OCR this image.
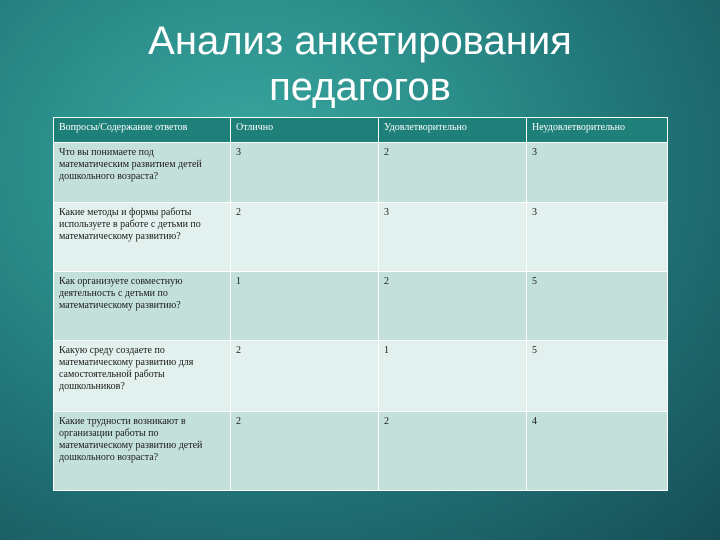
Анализ анкетирования
педагогов
Вопросы/Содержание ответов	Отлично	Удовлетворительно	Неудовлетворительно
Что вы понимаете под математическим развитием детей дошкольного возраста?	3	2	3
Какие методы и формы работы используете в работе с детьми по математическому развитию?	2	3	3
Как организуете совместную деятельность с детьми по математическому развитию?	1	2	5
Какую среду создаете по математическому развитию для самостоятельной работы дошкольников?	2	1	5
Какие трудности возникают в организации работы по математическому развитию детей дошкольного возраста?	2	2	4
